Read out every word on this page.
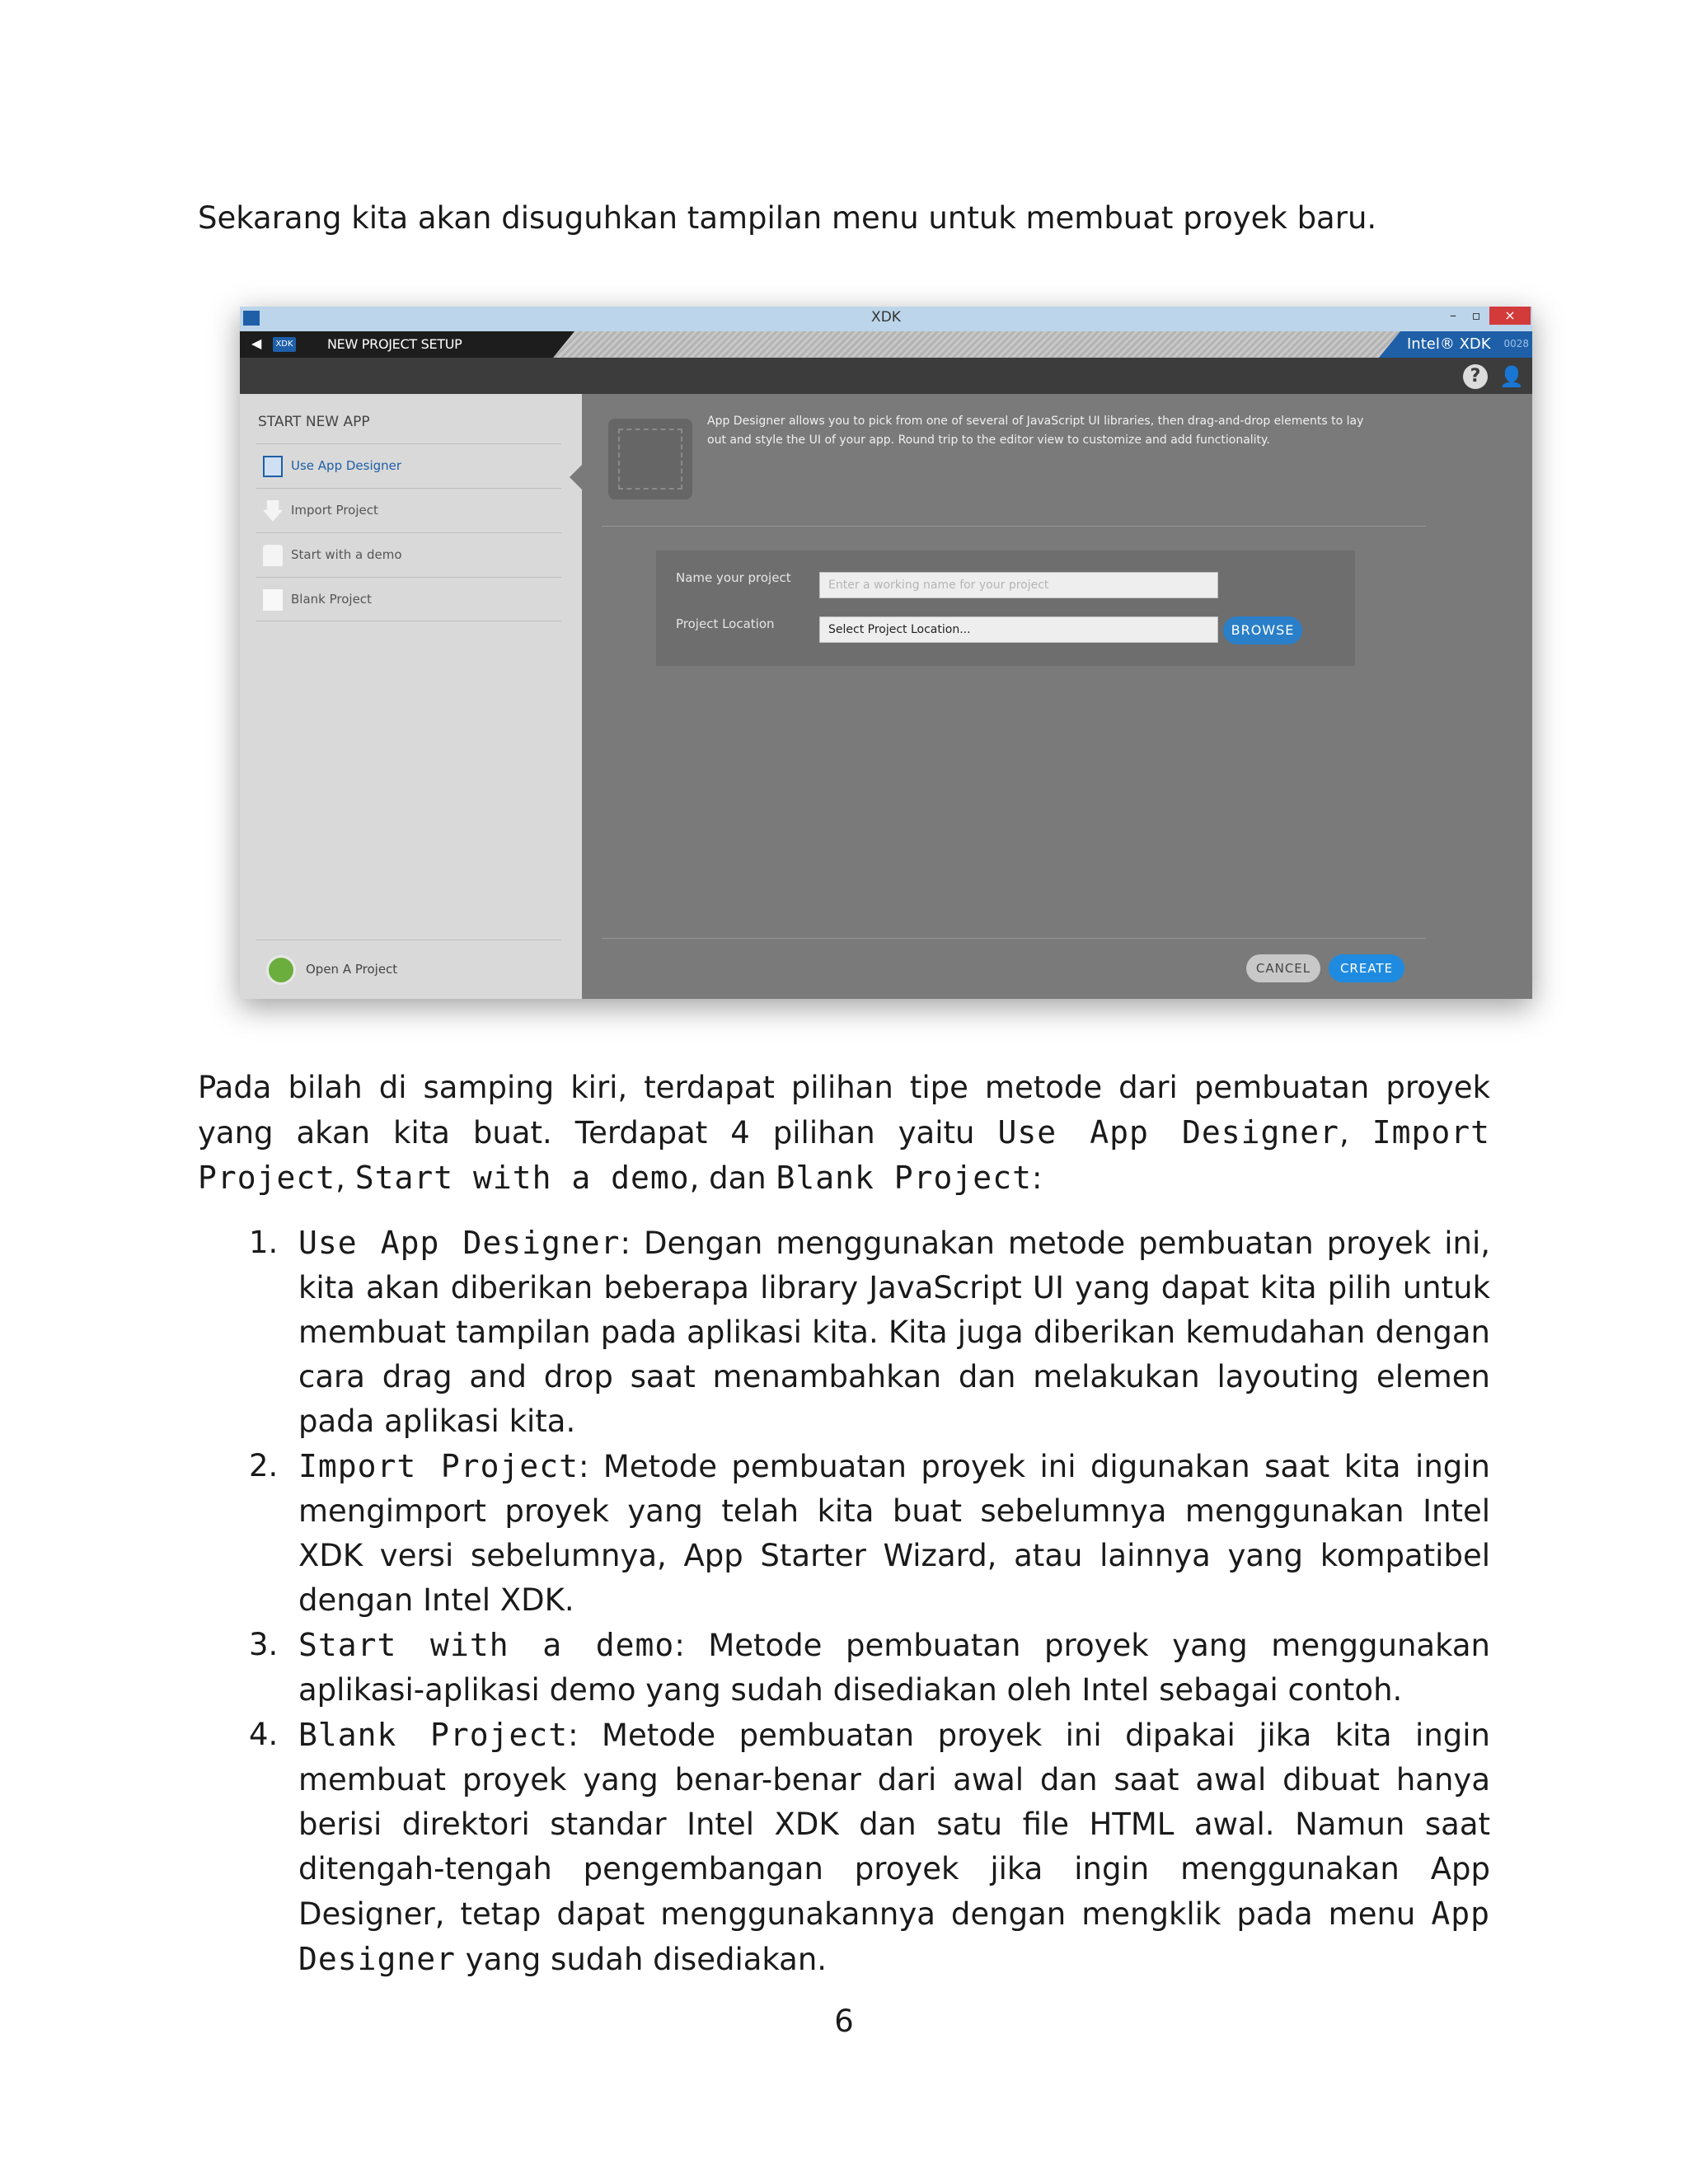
Sekarang kita akan disuguhkan tampilan menu untuk membuat proyek baru.

XDK	–	▫	×
◀	XDK	NEW PROJECT SETUP	Intel® XDK 0028
? 👤
START NEW APP
Use App Designer
Import Project
Start with a demo
Blank Project
Open A Project
App Designer allows you to pick from one of several of JavaScript UI libraries, then drag-and-drop elements to lay out and style the UI of your app. Round trip to the editor view to customize and add functionality.
Name your project	Enter a working name for your project
Project Location	Select Project Location...	BROWSE
CANCEL	CREATE

Pada bilah di samping kiri, terdapat pilihan tipe metode dari pembuatan proyek yang akan kita buat. Terdapat 4 pilihan yaitu Use App Designer, Import Project, Start with a demo, dan Blank Project:

1. Use App Designer: Dengan menggunakan metode pembuatan proyek ini, kita akan diberikan beberapa library JavaScript UI yang dapat kita pilih untuk membuat tampilan pada aplikasi kita. Kita juga diberikan kemudahan dengan cara drag and drop saat menambahkan dan melakukan layouting elemen pada aplikasi kita.
2. Import Project: Metode pembuatan proyek ini digunakan saat kita ingin mengimport proyek yang telah kita buat sebelumnya menggunakan Intel XDK versi sebelumnya, App Starter Wizard, atau lainnya yang kompatibel dengan Intel XDK.
3. Start with a demo: Metode pembuatan proyek yang menggunakan aplikasi-aplikasi demo yang sudah disediakan oleh Intel sebagai contoh.
4. Blank Project: Metode pembuatan proyek ini dipakai jika kita ingin membuat proyek yang benar-benar dari awal dan saat awal dibuat hanya berisi direktori standar Intel XDK dan satu file HTML awal. Namun saat ditengah-tengah pengembangan proyek jika ingin menggunakan App Designer, tetap dapat menggunakannya dengan mengklik pada menu App Designer yang sudah disediakan.
6
